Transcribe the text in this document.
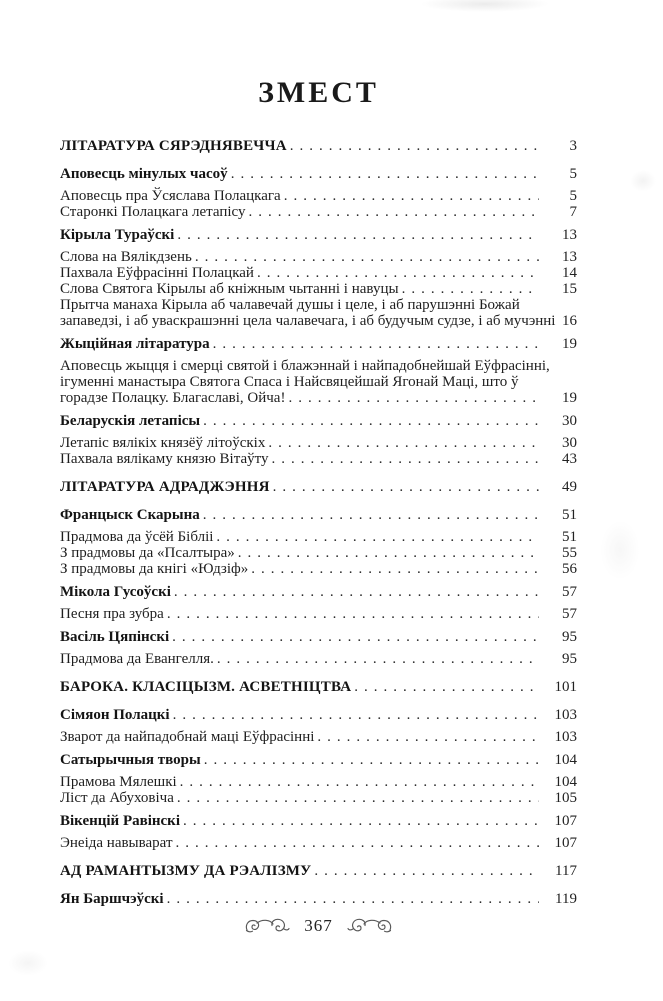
ЗМЕСТ
ЛІТАРАТУРА СЯРЭДНЯВЕЧЧА .....	3
Аповесць мінулых часоў .....	5
Аповесць пра Ўсяслава Полацкага .....	5
Старонкі Полацкага летапісу .....	7
Кірыла Тураўскі .....	13
Слова на Вялікдзень .....	13
Пахвала Еўфрасінні Полацкай .....	14
Слова Святога Кірылы аб кніжным чытанні і навуцы .....	15
Прытча манаха Кірыла аб чалавечай душы і целе, і аб парушэнні Божай
запаведзі, і аб уваскрашэнні цела чалавечага, і аб будучым судзе, і аб мучэнні 16
Жыційная літаратура .....	19
Аповесць жыцця і смерці святой і блажэннай і найпадобнейшай Еўфрасінні,
ігуменні манастыра Святога Спаса і Найсвяцейшай Ягонай Маці, што ў
горадзе Полацку. Благаславі, Ойча! .....	19
Беларускія летапісы .....	30
Летапіс вялікіх князёў літоўскіх .....	30
Пахвала вялікаму князю Вітаўту .....	43
ЛІТАРАТУРА АДРАДЖЭННЯ .....	49
Францыск Скарына .....	51
Прадмова да ўсёй Бібліі .....	51
З прадмовы да «Псалтыра» .....	55
З прадмовы да кнігі «Юдзіф» .....	56
Мікола Гусоўскі .....	57
Песня пра зубра .....	57
Васіль Цяпінскі .....	95
Прадмова да Евангелля. .....	95
БАРОКА. КЛАСІЦЫЗМ. АСВЕТНІЦТВА .....	101
Сімяон Полацкі .....	103
Зварот да найпадобнай маці Еўфрасінні .....	103
Сатырычныя творы .....	104
Прамова Мялешкі .....	104
Ліст да Абуховіча .....	105
Вікенцій Равінскі .....	107
Энеіда навыварат .....	107
АД РАМАНТЫЗМУ ДА РЭАЛІЗМУ .....	117
Ян Баршчэўскі .....	119
367
